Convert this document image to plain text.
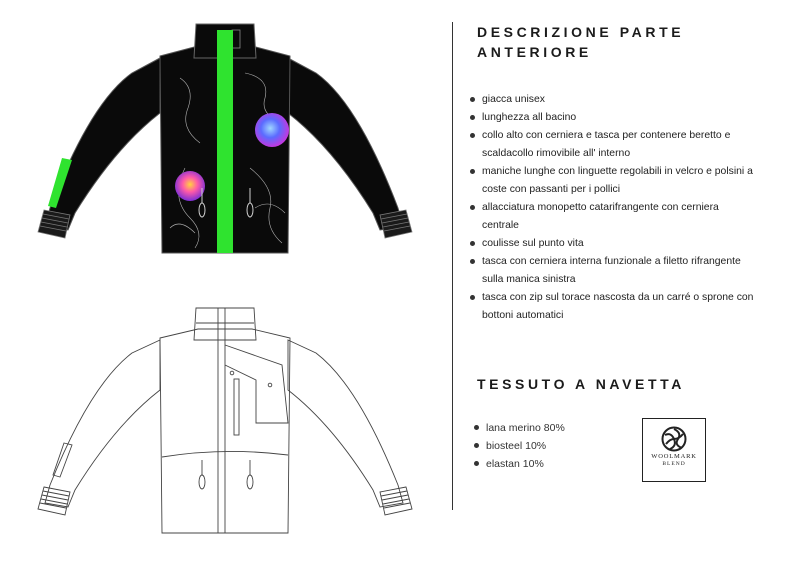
DESCRIZIONE PARTE ANTERIORE
giacca unisex
lunghezza all bacino
collo alto con cerniera e tasca per contenere beretto e scaldacollo rimovibile all' interno
maniche lunghe con linguette regolabili in velcro e polsini a coste con passanti per i pollici
allacciatura monopetto catarifrangente con cerniera centrale
coulisse sul punto vita
tasca con cerniera interna funzionale a filetto rifrangente sulla manica sinistra
tasca con zip sul torace nascosta da un carré o sprone con bottoni automatici
TESSUTO A NAVETTA
lana merino 80%
biosteel 10%
elastan 10%
WOOLMARK
BLEND
